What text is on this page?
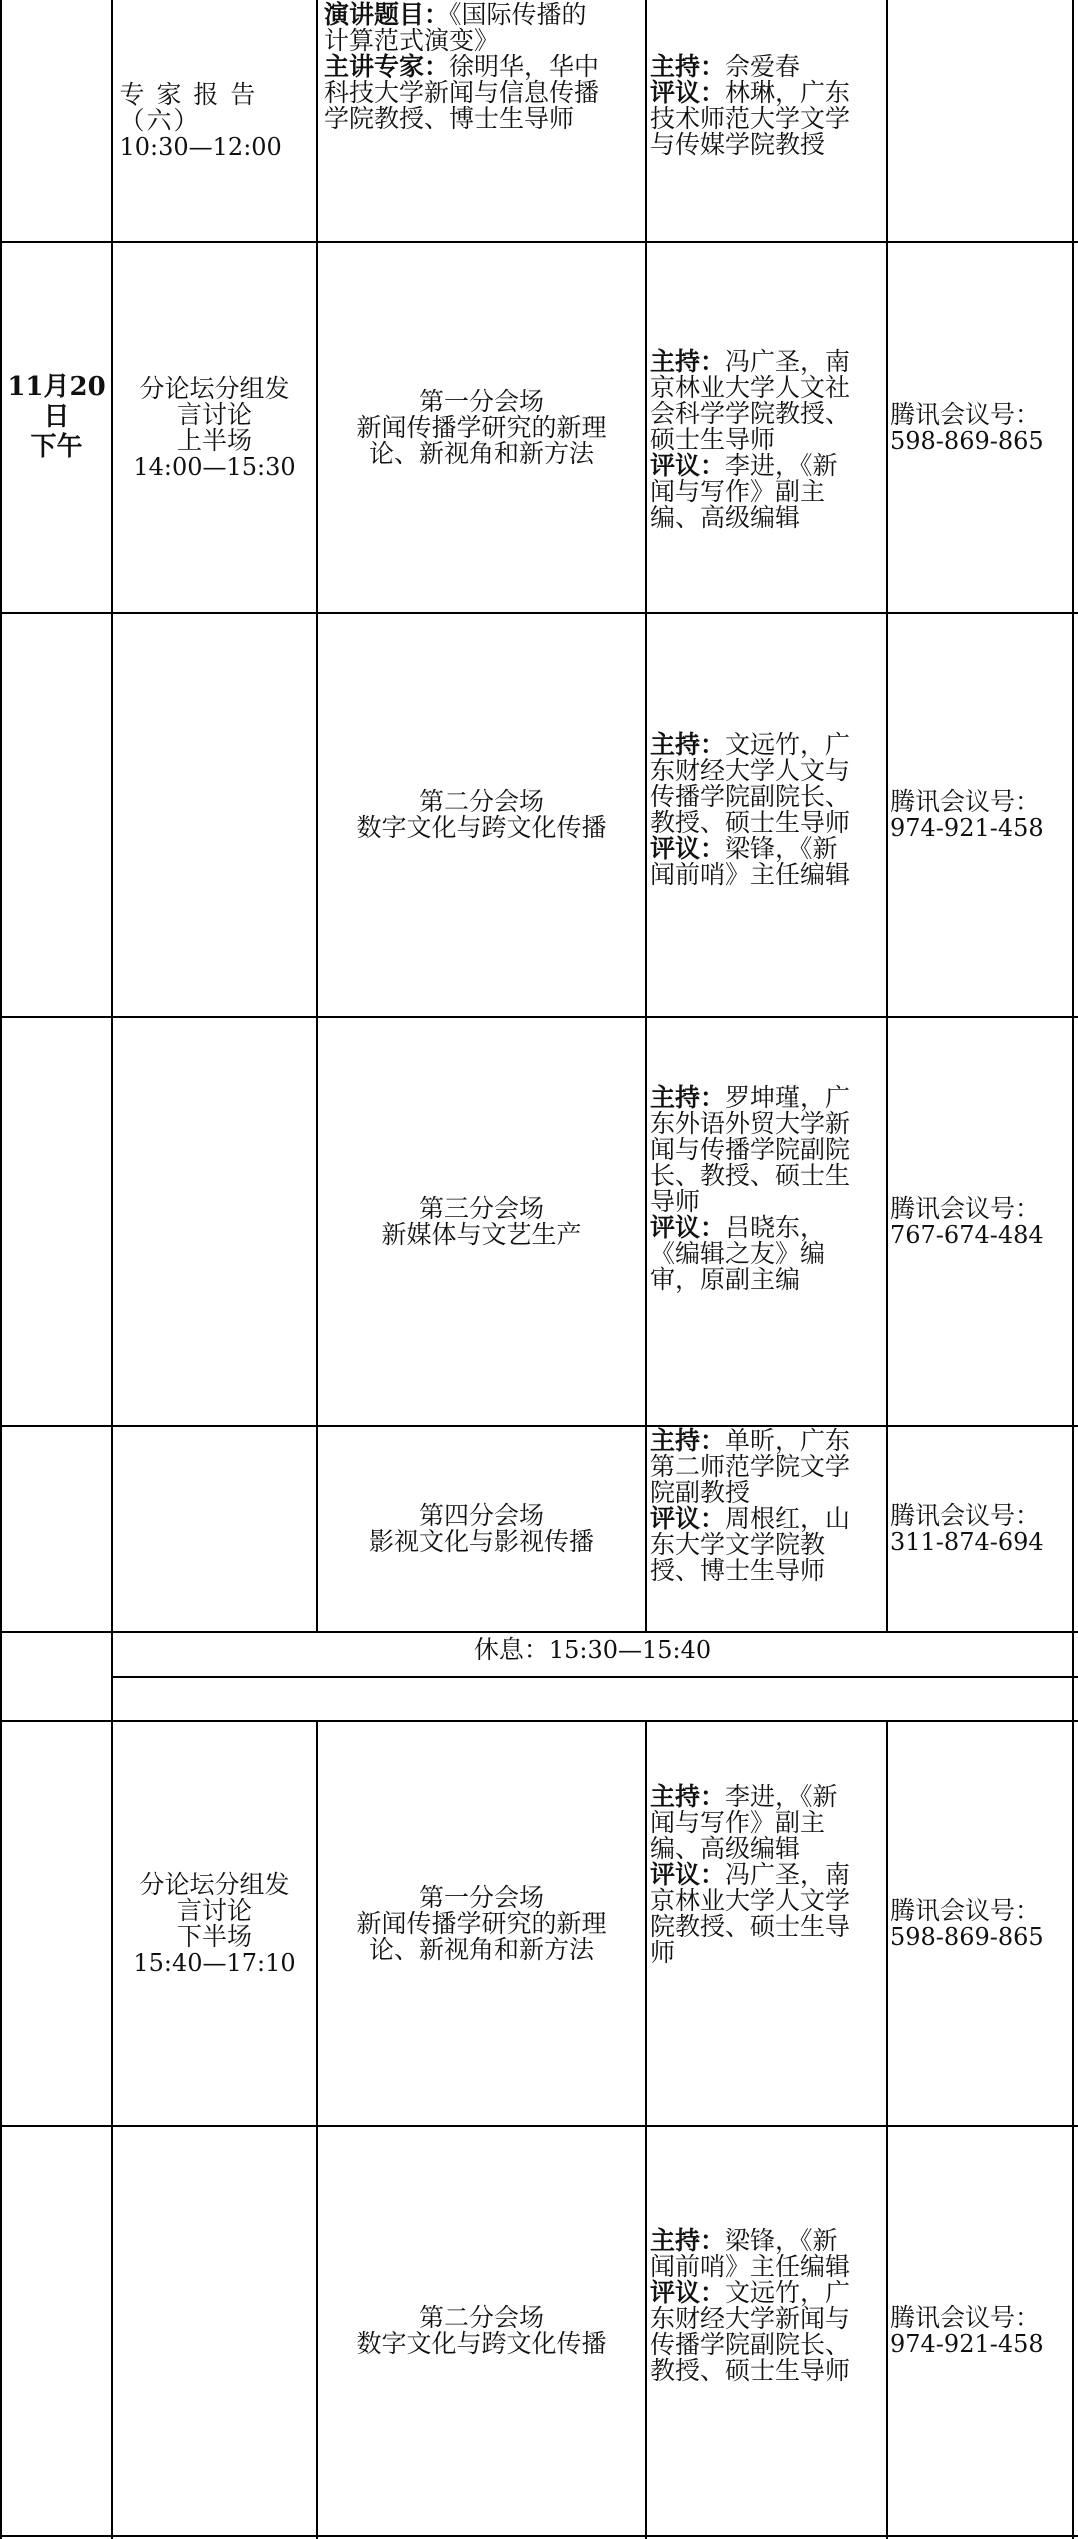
专 家 报 告（六）
10:30—12:00
演讲题目：《国际传播的
计算范式演变》
主讲专家：徐明华，华中
科技大学新闻与信息传播
学院教授、博士生导师
主持：佘爱春
评议：林琳，广东
技术师范大学文学
与传媒学院教授
11月20
日
下午
分论坛分组发
言讨论
上半场
14:00—15:30
第一分会场
新闻传播学研究的新理
论、新视角和新方法
主持：冯广圣，南
京林业大学人文社
会科学学院教授、
硕士生导师
评议：李进，《新
闻与写作》副主
编、高级编辑
腾讯会议号：
598-869-865
第二分会场
数字文化与跨文化传播
主持：文远竹，广
东财经大学人文与
传播学院副院长、
教授、硕士生导师
评议：梁锋，《新
闻前哨》主任编辑
腾讯会议号：
974-921-458
第三分会场
新媒体与文艺生产
主持：罗坤瑾，广
东外语外贸大学新
闻与传播学院副院
长、教授、硕士生
导师
评议：吕晓东，
《编辑之友》编
审，原副主编
腾讯会议号：
767-674-484
第四分会场
影视文化与影视传播
主持：单昕，广东
第二师范学院文学
院副教授
评议：周根红，山
东大学文学院教
授、博士生导师
腾讯会议号：
311-874-694
休息：15:30—15:40
分论坛分组发
言讨论
下半场
15:40—17:10
第一分会场
新闻传播学研究的新理
论、新视角和新方法
主持：李进，《新
闻与写作》副主
编、高级编辑
评议：冯广圣，南
京林业大学人文学
院教授、硕士生导
师
腾讯会议号：
598-869-865
第二分会场
数字文化与跨文化传播
主持：梁锋，《新
闻前哨》主任编辑
评议：文远竹，广
东财经大学新闻与
传播学院副院长、
教授、硕士生导师
腾讯会议号：
974-921-458
